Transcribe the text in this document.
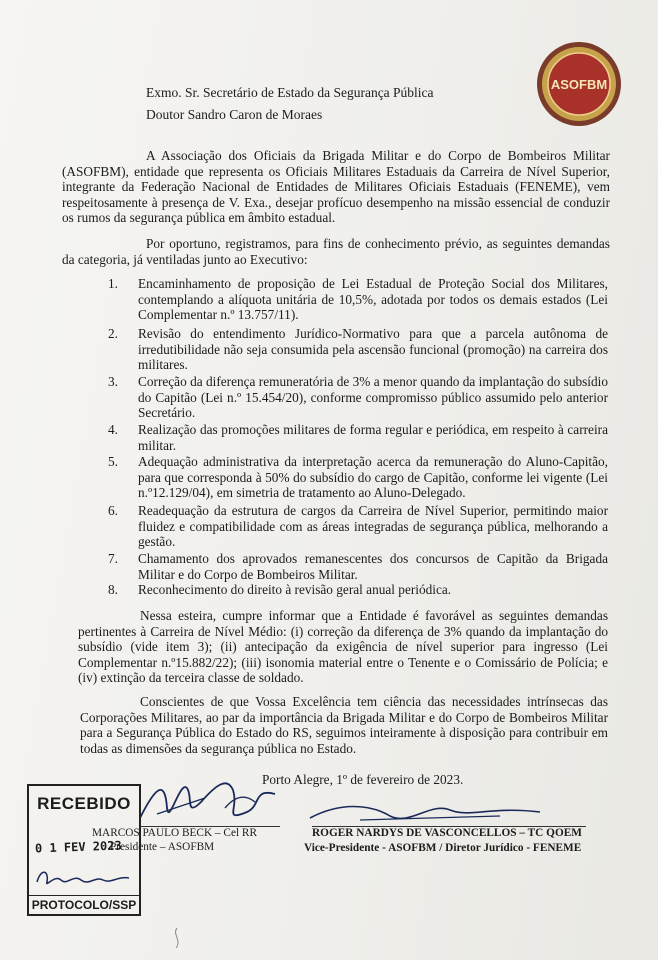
ASOFBM
Exmo. Sr. Secretário de Estado da Segurança Pública
Doutor Sandro Caron de Moraes

A Associação dos Oficiais da Brigada Militar e do Corpo de Bombeiros Militar (ASOFBM), entidade que representa os Oficiais Militares Estaduais da Carreira de Nível Superior, integrante da Federação Nacional de Entidades de Militares Oficiais Estaduais (FENEME), vem respeitosamente à presença de V. Exa., desejar profícuo desempenho na missão essencial de conduzir os rumos da segurança pública em âmbito estadual.

Por oportuno, registramos, para fins de conhecimento prévio, as seguintes demandas da categoria, já ventiladas junto ao Executivo:

1.	Encaminhamento de proposição de Lei Estadual de Proteção Social dos Militares, contemplando a alíquota unitária de 10,5%, adotada por todos os demais estados (Lei Complementar n.º 13.757/11).
2.	Revisão do entendimento Jurídico-Normativo para que a parcela autônoma de irredutibilidade não seja consumida pela ascensão funcional (promoção) na carreira dos militares.
3.	Correção da diferença remuneratória de 3% a menor quando da implantação do subsídio do Capitão (Lei n.º 15.454/20), conforme compromisso público assumido pelo anterior Secretário.
4.	Realização das promoções militares de forma regular e periódica, em respeito à carreira militar.
5.	Adequação administrativa da interpretação acerca da remuneração do Aluno-Capitão, para que corresponda à 50% do subsídio do cargo de Capitão, conforme lei vigente (Lei n.º12.129/04), em simetria de tratamento ao Aluno-Delegado.
6.	Readequação da estrutura de cargos da Carreira de Nível Superior, permitindo maior fluidez e compatibilidade com as áreas integradas de segurança pública, melhorando a gestão.
7.	Chamamento dos aprovados remanescentes dos concursos de Capitão da Brigada Militar e do Corpo de Bombeiros Militar.
8.	Reconhecimento do direito à revisão geral anual periódica.

Nessa esteira, cumpre informar que a Entidade é favorável as seguintes demandas pertinentes à Carreira de Nível Médio: (i) correção da diferença de 3% quando da implantação do subsídio (vide item 3); (ii) antecipação da exigência de nível superior para ingresso (Lei Complementar n.º15.882/22); (iii) isonomia material entre o Tenente e o Comissário de Polícia; e (iv) extinção da terceira classe de soldado.

Conscientes de que Vossa Excelência tem ciência das necessidades intrínsecas das Corporações Militares, ao par da importância da Brigada Militar e do Corpo de Bombeiros Militar para a Segurança Pública do Estado do RS, seguimos inteiramente à disposição para contribuir em todas as dimensões da segurança pública no Estado.

Porto Alegre, 1º de fevereiro de 2023.
MARCOS PAULO BECK – Cel RR
Presidente – ASOFBM
ROGER NARDYS DE VASCONCELLOS – TC QOEM
Vice-Presidente - ASOFBM / Diretor Jurídico - FENEME
RECEBIDO
0 1 FEV 2023
PROTOCOLO/SSP
